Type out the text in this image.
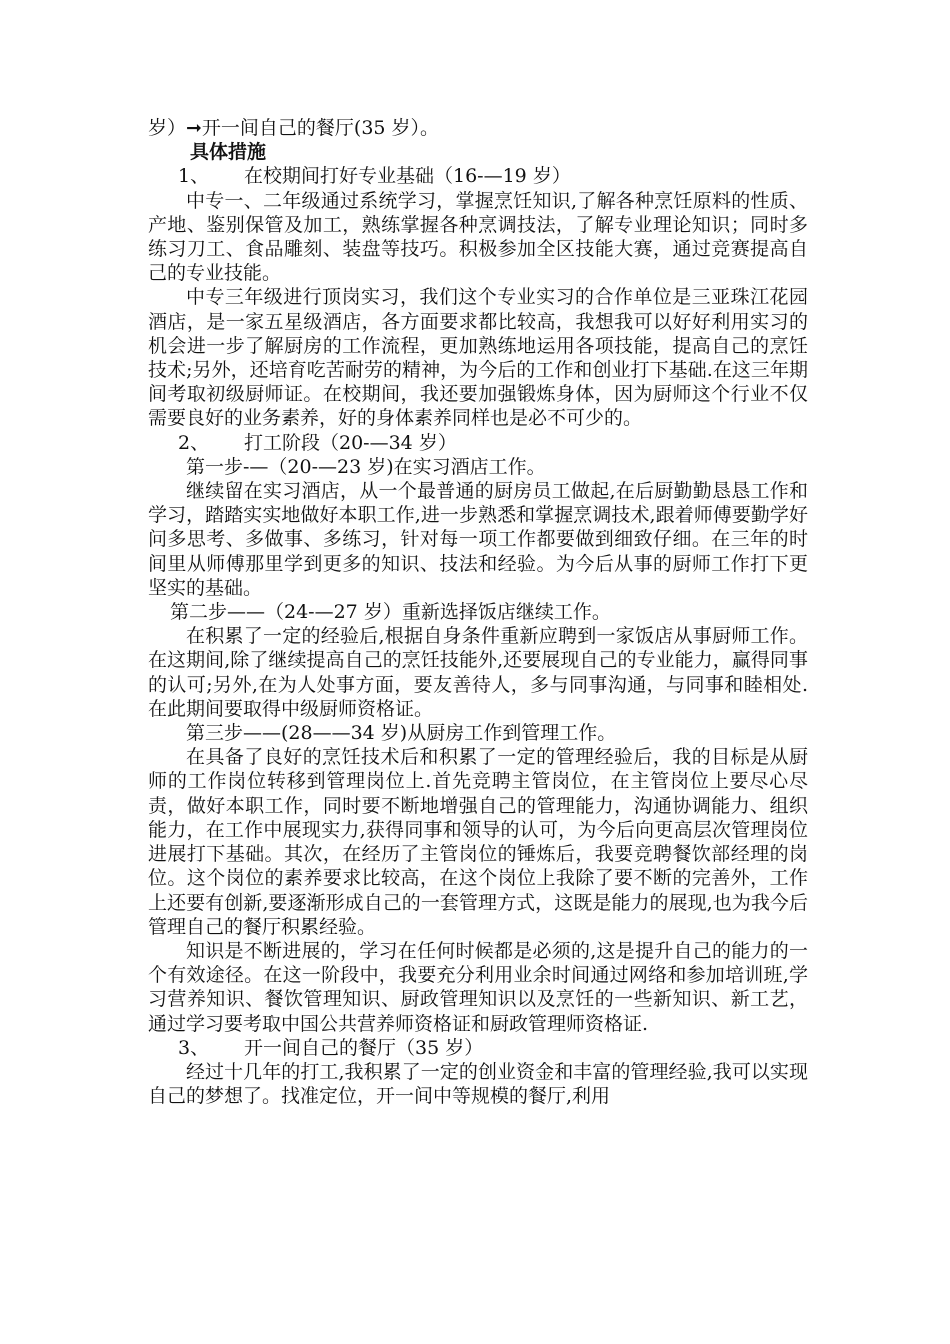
岁）➞开一间自己的餐厅(35 岁）。

具体措施

1、 在校期间打好专业基础（16-—19 岁）

中专一、二年级通过系统学习，掌握烹饪知识,了解各种烹饪原料的性质、产地、鉴别保管及加工，熟练掌握各种烹调技法，了解专业理论知识；同时多练习刀工、食品雕刻、装盘等技巧。积极参加全区技能大赛，通过竞赛提高自己的专业技能。

中专三年级进行顶岗实习，我们这个专业实习的合作单位是三亚珠江花园酒店，是一家五星级酒店，各方面要求都比较高，我想我可以好好利用实习的机会进一步了解厨房的工作流程，更加熟练地运用各项技能，提高自己的烹饪技术;另外，还培育吃苦耐劳的精神，为今后的工作和创业打下基础.在这三年期间考取初级厨师证。在校期间，我还要加强锻炼身体，因为厨师这个行业不仅需要良好的业务素养，好的身体素养同样也是必不可少的。

2、 打工阶段（20-—34 岁）

第一步-—（20-—23 岁)在实习酒店工作。

继续留在实习酒店，从一个最普通的厨房员工做起,在后厨勤勤恳恳工作和学习，踏踏实实地做好本职工作,进一步熟悉和掌握烹调技术,跟着师傅要勤学好问多思考、多做事、多练习，针对每一项工作都要做到细致仔细。在三年的时间里从师傅那里学到更多的知识、技法和经验。为今后从事的厨师工作打下更坚实的基础。

第二步——（24-—27 岁）重新选择饭店继续工作。

在积累了一定的经验后,根据自身条件重新应聘到一家饭店从事厨师工作。在这期间,除了继续提高自己的烹饪技能外,还要展现自己的专业能力，赢得同事的认可;另外,在为人处事方面，要友善待人，多与同事沟通，与同事和睦相处.在此期间要取得中级厨师资格证。

第三步——(28——34 岁)从厨房工作到管理工作。

在具备了良好的烹饪技术后和积累了一定的管理经验后，我的目标是从厨师的工作岗位转移到管理岗位上.首先竞聘主管岗位，在主管岗位上要尽心尽责，做好本职工作，同时要不断地增强自己的管理能力，沟通协调能力、组织能力，在工作中展现实力,获得同事和领导的认可，为今后向更高层次管理岗位进展打下基础。其次，在经历了主管岗位的锤炼后，我要竞聘餐饮部经理的岗位。这个岗位的素养要求比较高，在这个岗位上我除了要不断的完善外，工作上还要有创新,要逐渐形成自己的一套管理方式，这既是能力的展现,也为我今后管理自己的餐厅积累经验。

知识是不断进展的，学习在任何时候都是必须的,这是提升自己的能力的一个有效途径。在这一阶段中，我要充分利用业余时间通过网络和参加培训班,学习营养知识、餐饮管理知识、厨政管理知识以及烹饪的一些新知识、新工艺，通过学习要考取中国公共营养师资格证和厨政管理师资格证.

3、 开一间自己的餐厅（35 岁）

经过十几年的打工,我积累了一定的创业资金和丰富的管理经验,我可以实现自己的梦想了。找准定位，开一间中等规模的餐厅,利用
